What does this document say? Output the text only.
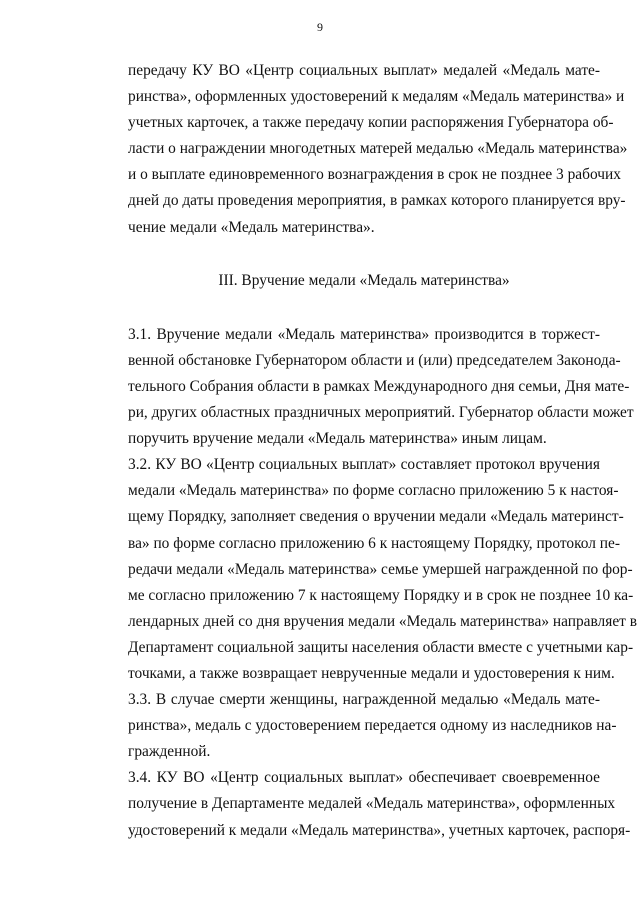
9
передачу КУ ВО «Центр социальных выплат» медалей «Медаль мате-
ринства», оформленных удостоверений к медалям «Медаль материнства» и
учетных карточек, а также передачу копии распоряжения Губернатора об-
ласти о награждении многодетных матерей медалью «Медаль материнства»
и о выплате единовременного вознаграждения в срок не позднее 3 рабочих
дней до даты проведения мероприятия, в рамках которого планируется вру-
чение медали «Медаль материнства».
III. Вручение медали «Медаль материнства»
3.1. Вручение медали «Медаль материнства» производится в торжест-
венной обстановке Губернатором области и (или) председателем Законода-
тельного Собрания области в рамках Международного дня семьи, Дня мате-
ри, других областных праздничных мероприятий. Губернатор области может
поручить вручение медали «Медаль материнства» иным лицам.
3.2. КУ ВО «Центр социальных выплат» составляет протокол вручения
медали «Медаль материнства» по форме согласно приложению 5 к настоя-
щему Порядку, заполняет сведения о вручении медали «Медаль материнст-
ва» по форме согласно приложению 6 к настоящему Порядку, протокол пе-
редачи медали «Медаль материнства» семье умершей награжденной по фор-
ме согласно приложению 7 к настоящему Порядку и в срок не позднее 10 ка-
лендарных дней со дня вручения медали «Медаль материнства» направляет в
Департамент социальной защиты населения области вместе с учетными кар-
точками, а также возвращает неврученные медали и удостоверения к ним.
3.3. В случае смерти женщины, награжденной медалью «Медаль мате-
ринства», медаль с удостоверением передается одному из наследников на-
гражденной.
3.4. КУ ВО «Центр социальных выплат» обеспечивает своевременное
получение в Департаменте медалей «Медаль материнства», оформленных
удостоверений к медали «Медаль материнства», учетных карточек, распоря-
